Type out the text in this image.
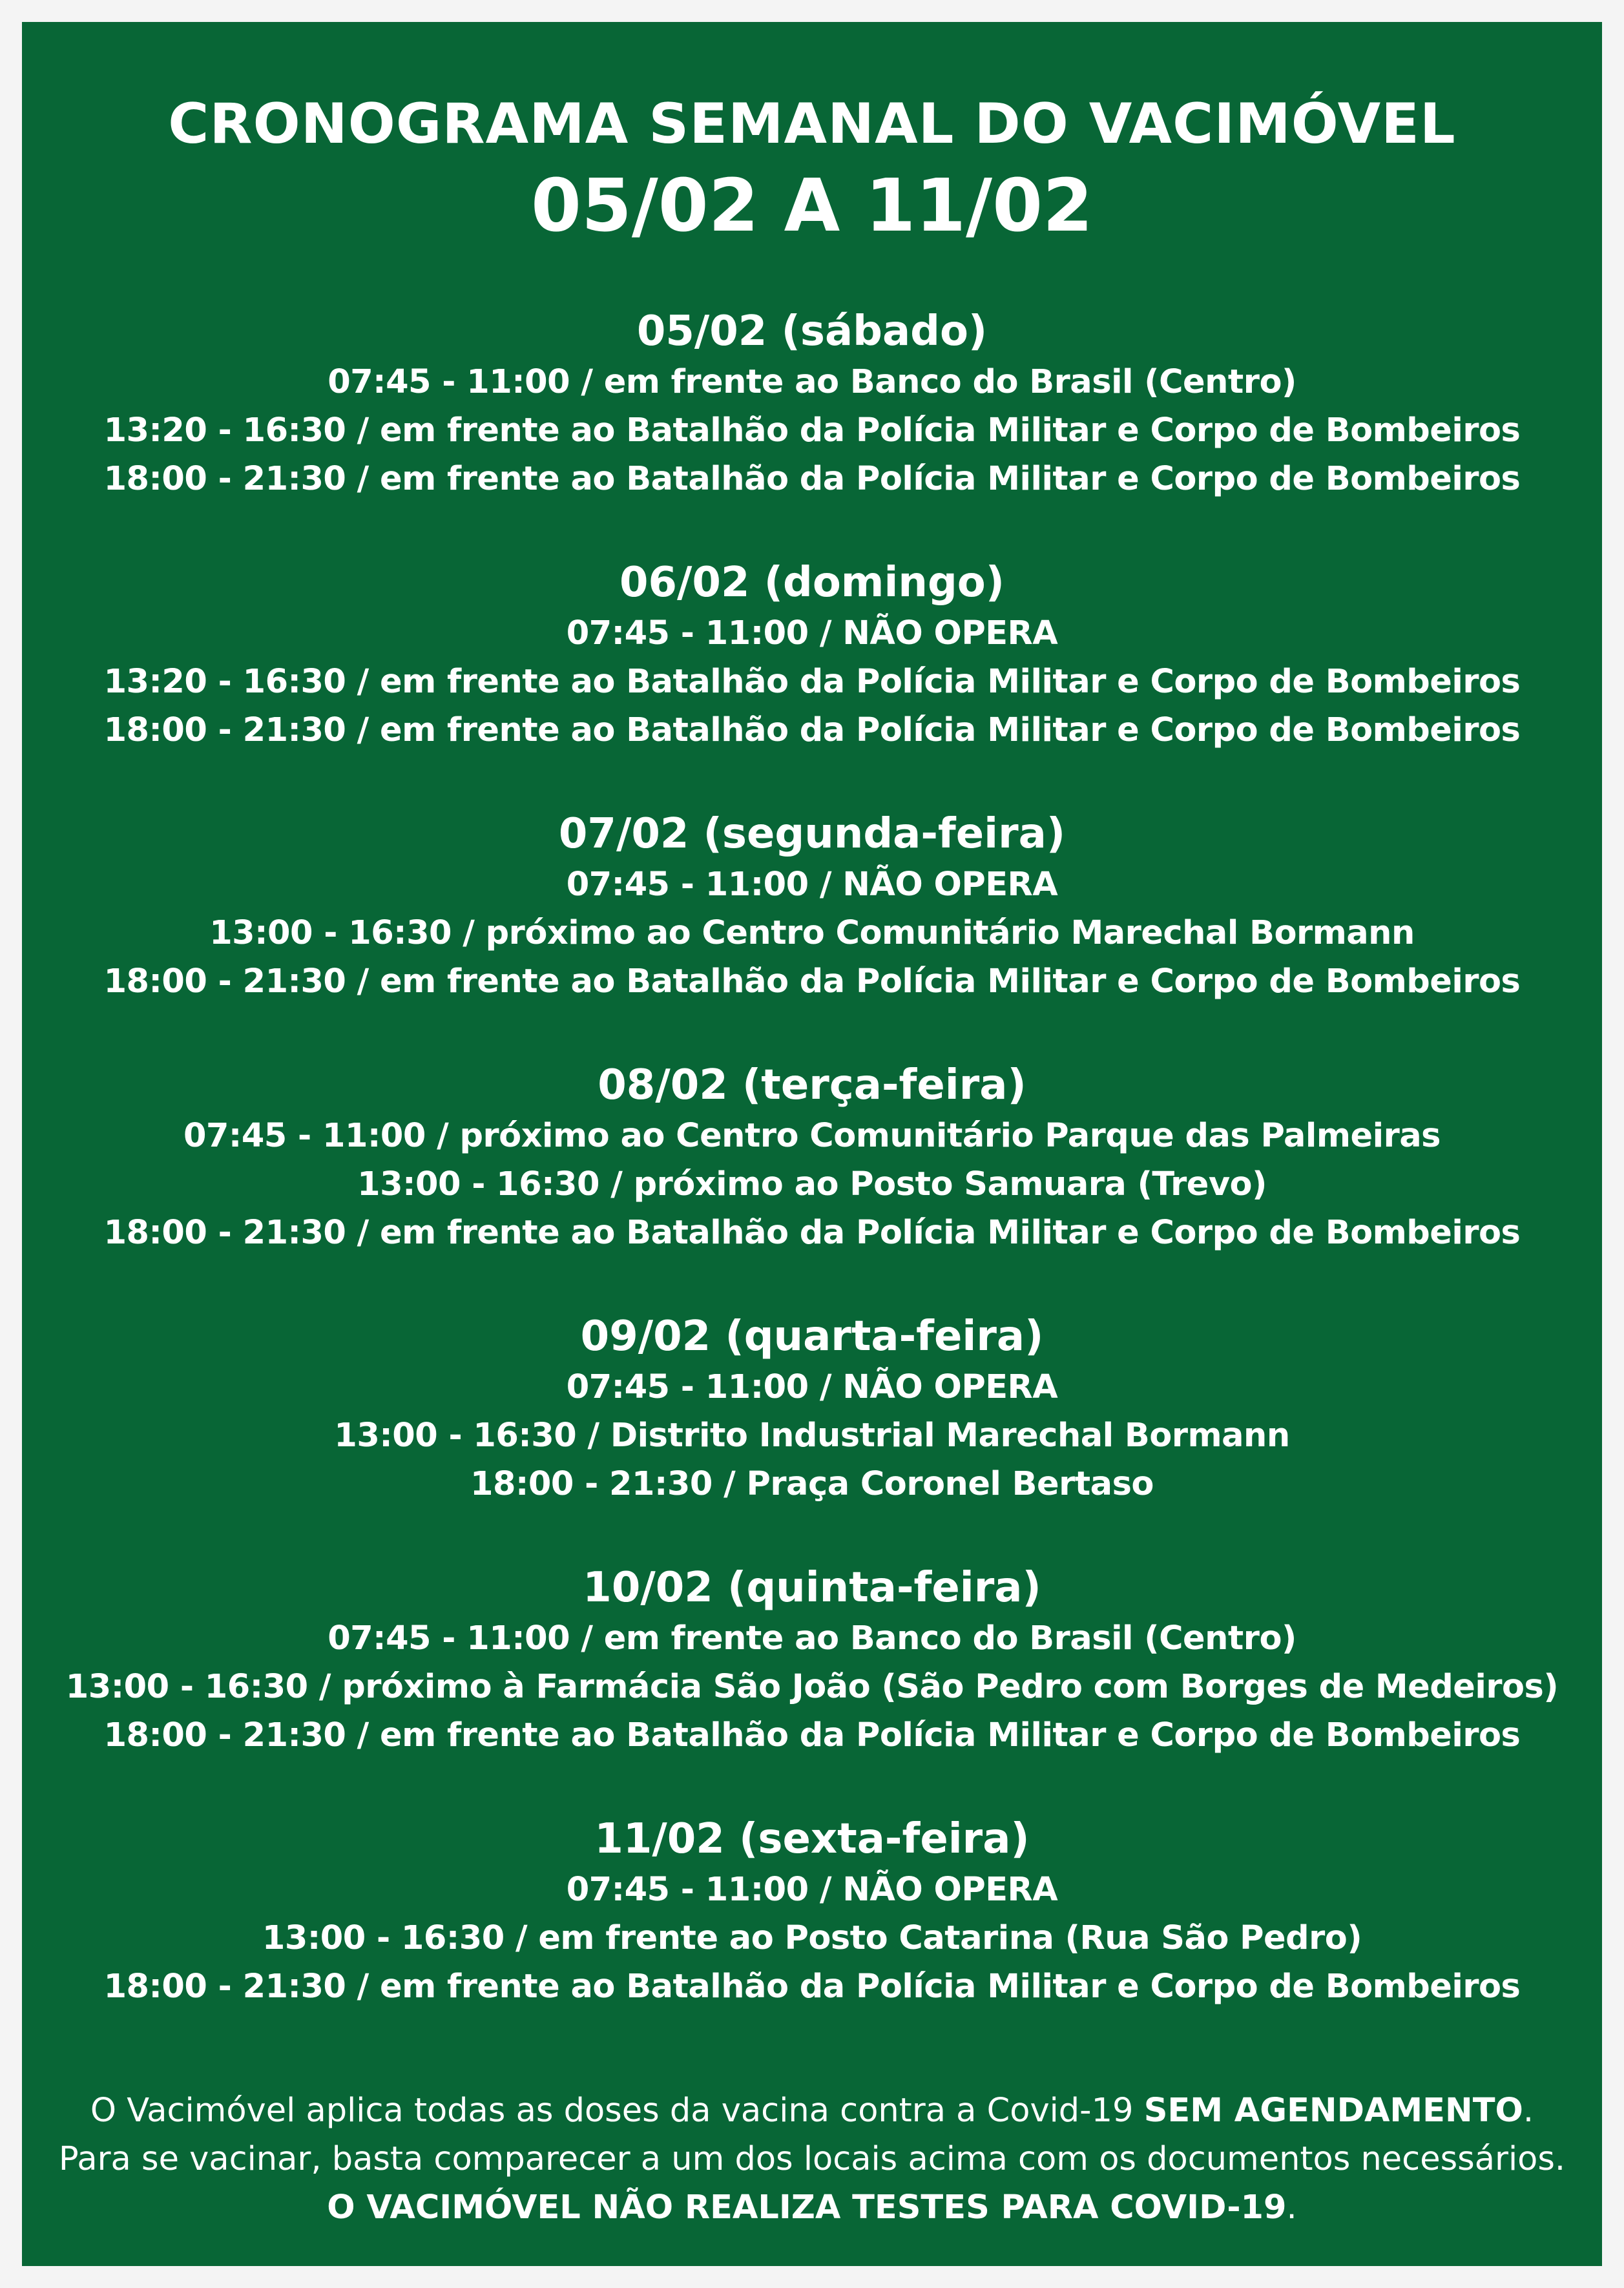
CRONOGRAMA SEMANAL DO VACIMÓVEL
05/02 A 11/02
05/02 (sábado)
07:45 - 11:00 / em frente ao Banco do Brasil (Centro)
13:20 - 16:30 / em frente ao Batalhão da Polícia Militar e Corpo de Bombeiros
18:00 - 21:30 / em frente ao Batalhão da Polícia Militar e Corpo de Bombeiros
06/02 (domingo)
07:45 - 11:00 / NÃO OPERA
13:20 - 16:30 / em frente ao Batalhão da Polícia Militar e Corpo de Bombeiros
18:00 - 21:30 / em frente ao Batalhão da Polícia Militar e Corpo de Bombeiros
07/02 (segunda-feira)
07:45 - 11:00 / NÃO OPERA
13:00 - 16:30 / próximo ao Centro Comunitário Marechal Bormann
18:00 - 21:30 / em frente ao Batalhão da Polícia Militar e Corpo de Bombeiros
08/02 (terça-feira)
07:45 - 11:00 / próximo ao Centro Comunitário Parque das Palmeiras
13:00 - 16:30 / próximo ao Posto Samuara (Trevo)
18:00 - 21:30 / em frente ao Batalhão da Polícia Militar e Corpo de Bombeiros
09/02 (quarta-feira)
07:45 - 11:00 / NÃO OPERA
13:00 - 16:30 / Distrito Industrial Marechal Bormann
18:00 - 21:30 / Praça Coronel Bertaso
10/02 (quinta-feira)
07:45 - 11:00 / em frente ao Banco do Brasil (Centro)
13:00 - 16:30 / próximo à Farmácia São João (São Pedro com Borges de Medeiros)
18:00 - 21:30 / em frente ao Batalhão da Polícia Militar e Corpo de Bombeiros
11/02 (sexta-feira)
07:45 - 11:00 / NÃO OPERA
13:00 - 16:30 / em frente ao Posto Catarina (Rua São Pedro)
18:00 - 21:30 / em frente ao Batalhão da Polícia Militar e Corpo de Bombeiros
O Vacimóvel aplica todas as doses da vacina contra a Covid-19 SEM AGENDAMENTO.
Para se vacinar, basta comparecer a um dos locais acima com os documentos necessários.
O VACIMÓVEL NÃO REALIZA TESTES PARA COVID-19.
